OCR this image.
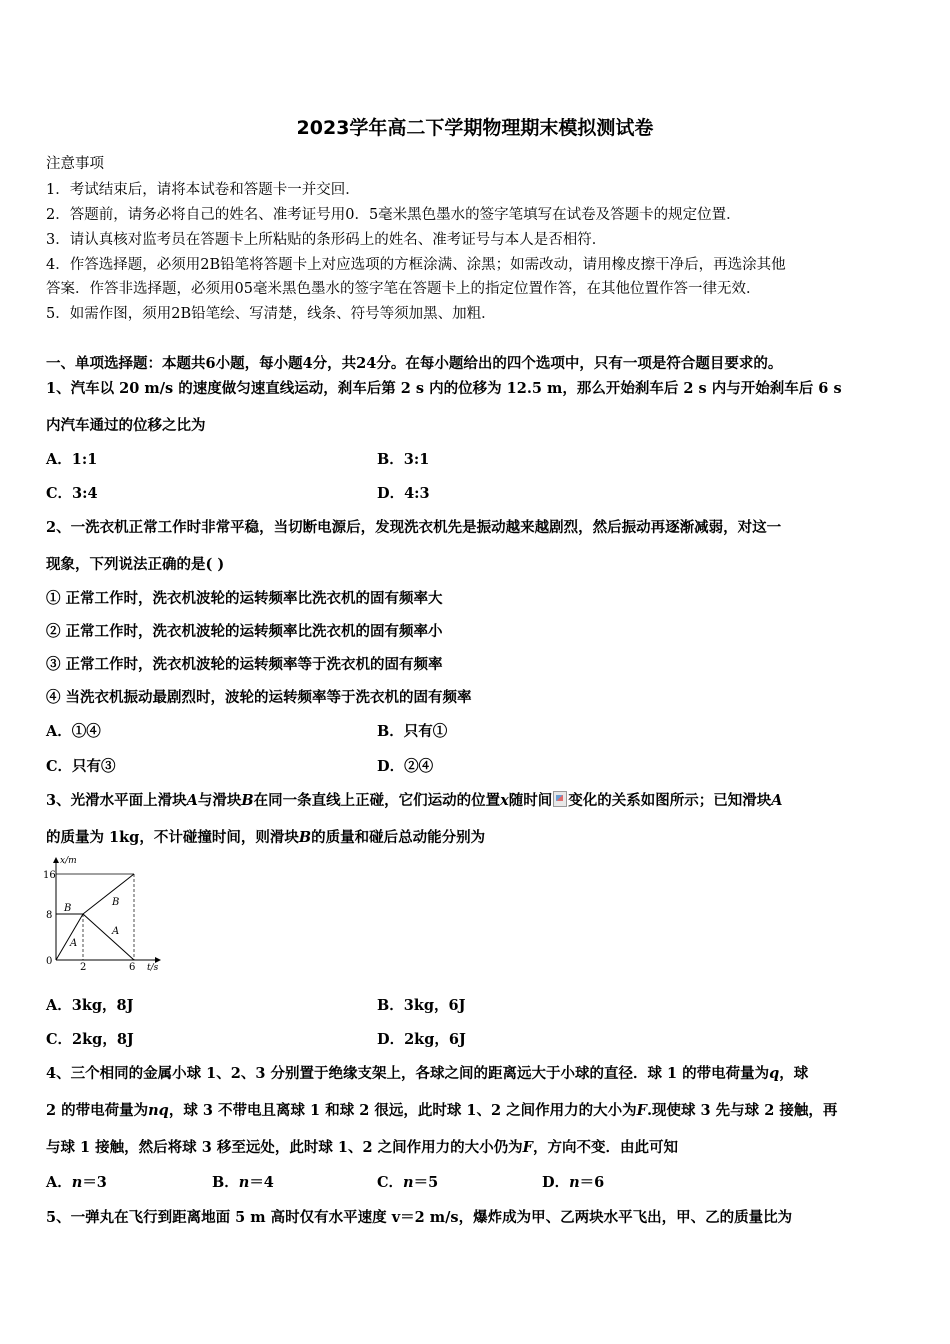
2023学年高二下学期物理期末模拟测试卷
注意事项
1．考试结束后，请将本试卷和答题卡一并交回．
2．答题前，请务必将自己的姓名、准考证号用0．5毫米黑色墨水的签字笔填写在试卷及答题卡的规定位置．
3．请认真核对监考员在答题卡上所粘贴的条形码上的姓名、准考证号与本人是否相符．
4．作答选择题，必须用2B铅笔将答题卡上对应选项的方框涂满、涂黑；如需改动，请用橡皮擦干净后，再选涂其他
答案．作答非选择题，必须用05毫米黑色墨水的签字笔在答题卡上的指定位置作答，在其他位置作答一律无效．
5．如需作图，须用2B铅笔绘、写清楚，线条、符号等须加黑、加粗．
一、单项选择题：本题共6小题，每小题4分，共24分。在每小题给出的四个选项中，只有一项是符合题目要求的。
1、汽车以 20 m/s 的速度做匀速直线运动，刹车后第 2 s 内的位移为 12.5 m，那么开始刹车后 2 s 内与开始刹车后 6 s
内汽车通过的位移之比为
A．1:1	B．3:1
C．3:4	D．4:3
2、一洗衣机正常工作时非常平稳，当切断电源后，发现洗衣机先是振动越来越剧烈，然后振动再逐渐减弱，对这一
现象，下列说法正确的是( )
① 正常工作时，洗衣机波轮的运转频率比洗衣机的固有频率大
② 正常工作时，洗衣机波轮的运转频率比洗衣机的固有频率小
③ 正常工作时，洗衣机波轮的运转频率等于洗衣机的固有频率
④ 当洗衣机振动最剧烈时，波轮的运转频率等于洗衣机的固有频率
A．①④	B．只有①
C．只有③	D．②④
3、光滑水平面上滑块A与滑块B在同一条直线上正碰，它们运动的位置x随时间 变化的关系如图所示；已知滑块A
的质量为 1kg，不计碰撞时间，则滑块B的质量和碰后总动能分别为
x/m
t/s
16
8
0
2	6
B
A
B
A
A．3kg，8J	B．3kg，6J
C．2kg，8J	D．2kg，6J
4、三个相同的金属小球 1、2、3 分别置于绝缘支架上，各球之间的距离远大于小球的直径．球 1 的带电荷量为q，球
2 的带电荷量为nq，球 3 不带电且离球 1 和球 2 很远，此时球 1、2 之间作用力的大小为F.现使球 3 先与球 2 接触，再
与球 1 接触，然后将球 3 移至远处，此时球 1、2 之间作用力的大小仍为F，方向不变．由此可知
A．n＝3	B．n＝4	C．n＝5	D．n＝6
5、一弹丸在飞行到距离地面 5 m 高时仅有水平速度 v＝2 m/s，爆炸成为甲、乙两块水平飞出，甲、乙的质量比为
